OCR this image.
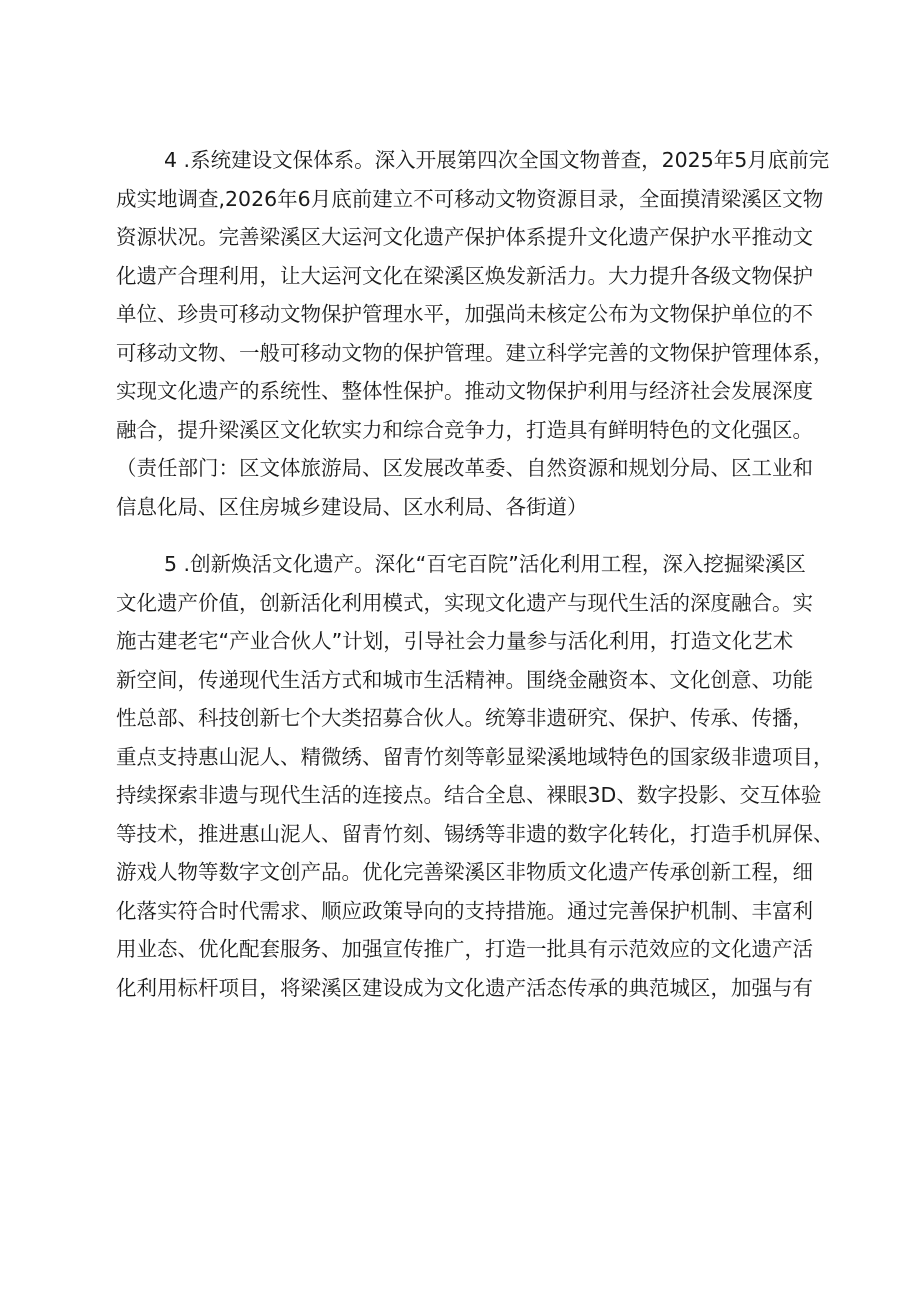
4 .系统建设文保体系。深入开展第四次全国文物普查，2025年5月底前完
成实地调查,2026年6月底前建立不可移动文物资源目录，全面摸清梁溪区文物
资源状况。完善梁溪区大运河文化遗产保护体系提升文化遗产保护水平推动文
化遗产合理利用，让大运河文化在梁溪区焕发新活力。大力提升各级文物保护
单位、珍贵可移动文物保护管理水平，加强尚未核定公布为文物保护单位的不
可移动文物、一般可移动文物的保护管理。建立科学完善的文物保护管理体系，
实现文化遗产的系统性、整体性保护。推动文物保护利用与经济社会发展深度
融合，提升梁溪区文化软实力和综合竞争力，打造具有鲜明特色的文化强区。
（责任部门：区文体旅游局、区发展改革委、自然资源和规划分局、区工业和
信息化局、区住房城乡建设局、区水利局、各街道）
5 .创新焕活文化遗产。深化“百宅百院”活化利用工程，深入挖掘梁溪区
文化遗产价值，创新活化利用模式，实现文化遗产与现代生活的深度融合。实
施古建老宅“产业合伙人”计划，引导社会力量参与活化利用，打造文化艺术
新空间，传递现代生活方式和城市生活精神。围绕金融资本、文化创意、功能
性总部、科技创新七个大类招募合伙人。统筹非遗研究、保护、传承、传播，
重点支持惠山泥人、精微绣、留青竹刻等彰显梁溪地域特色的国家级非遗项目，
持续探索非遗与现代生活的连接点。结合全息、裸眼3D、数字投影、交互体验
等技术，推进惠山泥人、留青竹刻、锡绣等非遗的数字化转化，打造手机屏保、
游戏人物等数字文创产品。优化完善梁溪区非物质文化遗产传承创新工程，细
化落实符合时代需求、顺应政策导向的支持措施。通过完善保护机制、丰富利
用业态、优化配套服务、加强宣传推广，打造一批具有示范效应的文化遗产活
化利用标杆项目，将梁溪区建设成为文化遗产活态传承的典范城区，加强与有
